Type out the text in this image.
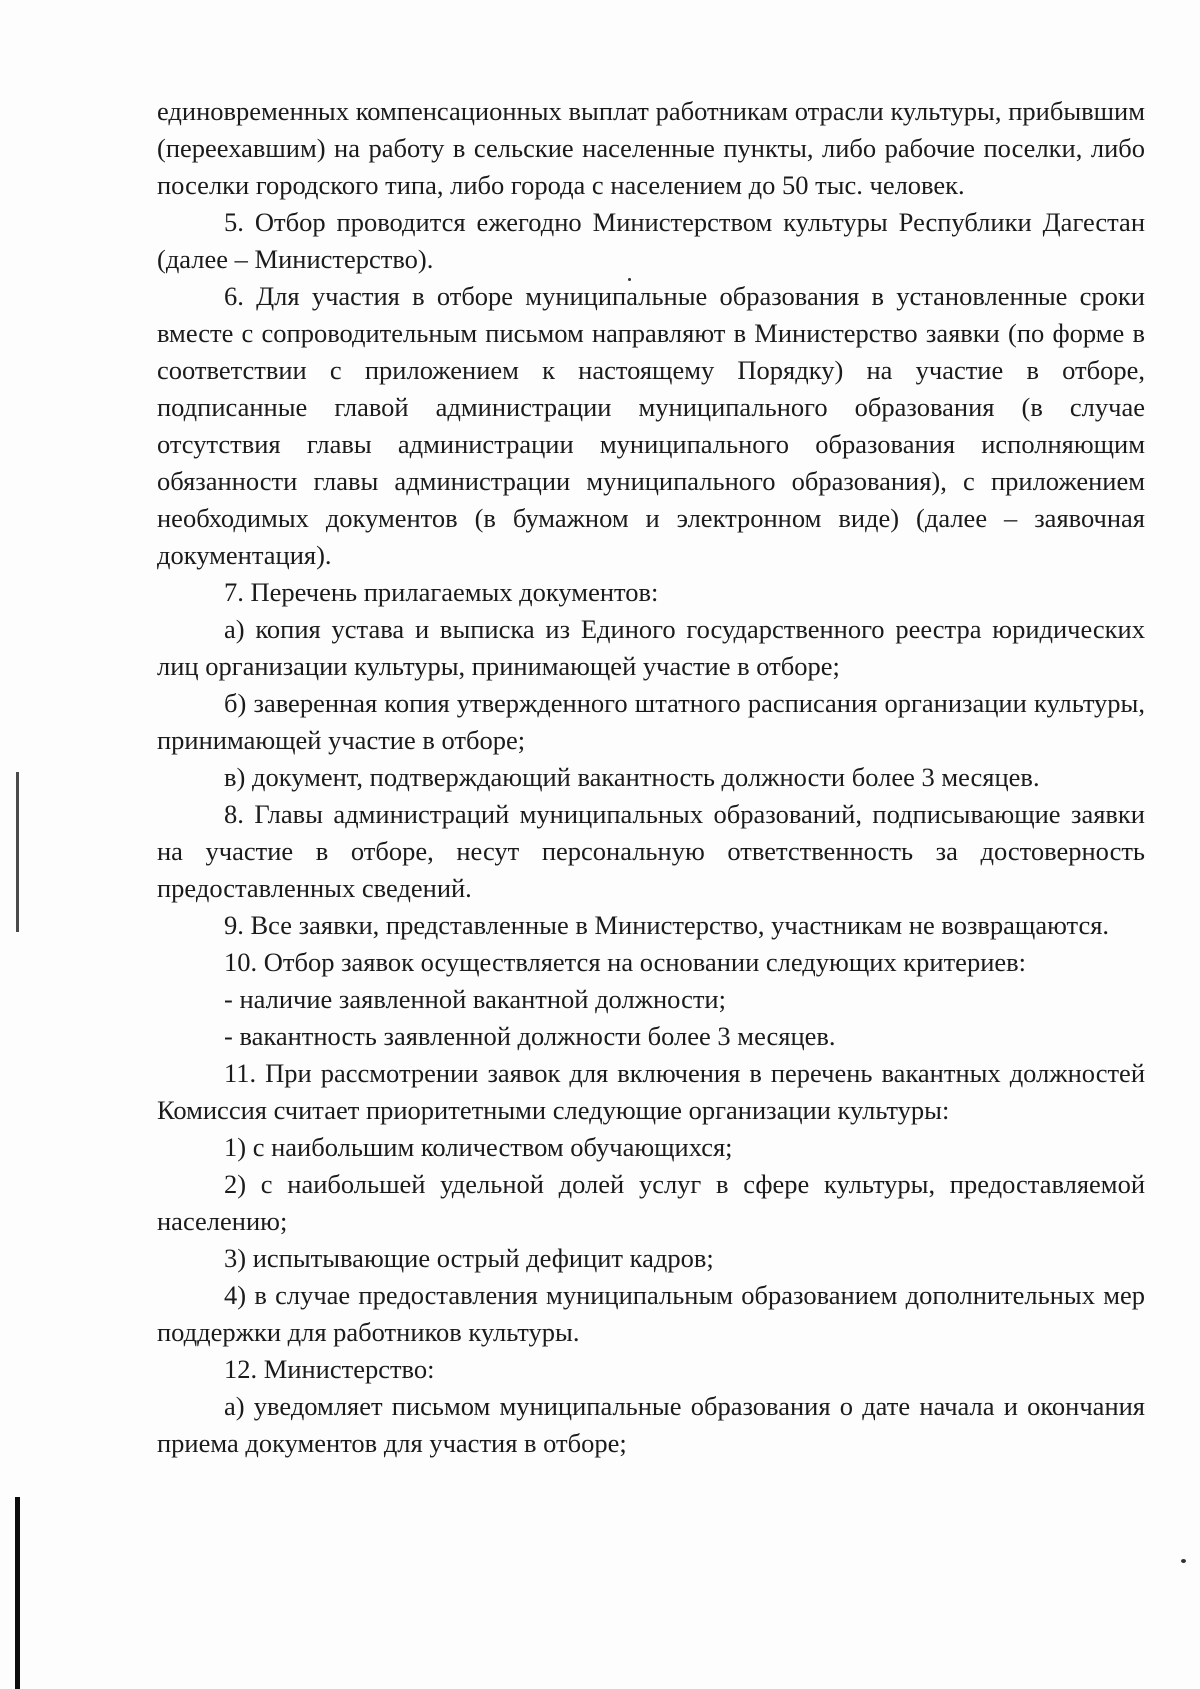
единовременных компенсационных выплат работникам отрасли культуры, прибывшим (переехавшим) на работу в сельские населенные пункты, либо рабочие поселки, либо поселки городского типа, либо города с населением до 50 тыс. человек.

5. Отбор проводится ежегодно Министерством культуры Республики Дагестан (далее – Министерство).

6. Для участия в отборе муниципальные образования в установленные сроки вместе с сопроводительным письмом направляют в Министерство заявки (по форме в соответствии с приложением к настоящему Порядку) на участие в отборе, подписанные главой администрации муниципального образования (в случае отсутствия главы администрации муниципального образования исполняющим обязанности главы администрации муниципального образования), с приложением необходимых документов (в бумажном и электронном виде) (далее – заявочная документация).

7. Перечень прилагаемых документов:

а) копия устава и выписка из Единого государственного реестра юридических лиц организации культуры, принимающей участие в отборе;

б) заверенная копия утвержденного штатного расписания организации культуры, принимающей участие в отборе;

в) документ, подтверждающий вакантность должности более 3 месяцев.

8. Главы администраций муниципальных образований, подписывающие заявки на участие в отборе, несут персональную ответственность за достоверность предоставленных сведений.

9. Все заявки, представленные в Министерство, участникам не возвращаются.

10. Отбор заявок осуществляется на основании следующих критериев:

- наличие заявленной вакантной должности;

- вакантность заявленной должности более 3 месяцев.

11. При рассмотрении заявок для включения в перечень вакантных должностей Комиссия считает приоритетными следующие организации культуры:

1) с наибольшим количеством обучающихся;

2) с наибольшей удельной долей услуг в сфере культуры, предоставляемой населению;

3) испытывающие острый дефицит кадров;

4) в случае предоставления муниципальным образованием дополнительных мер поддержки для работников культуры.

12. Министерство:

а) уведомляет письмом муниципальные образования о дате начала и окончания приема документов для участия в отборе;
